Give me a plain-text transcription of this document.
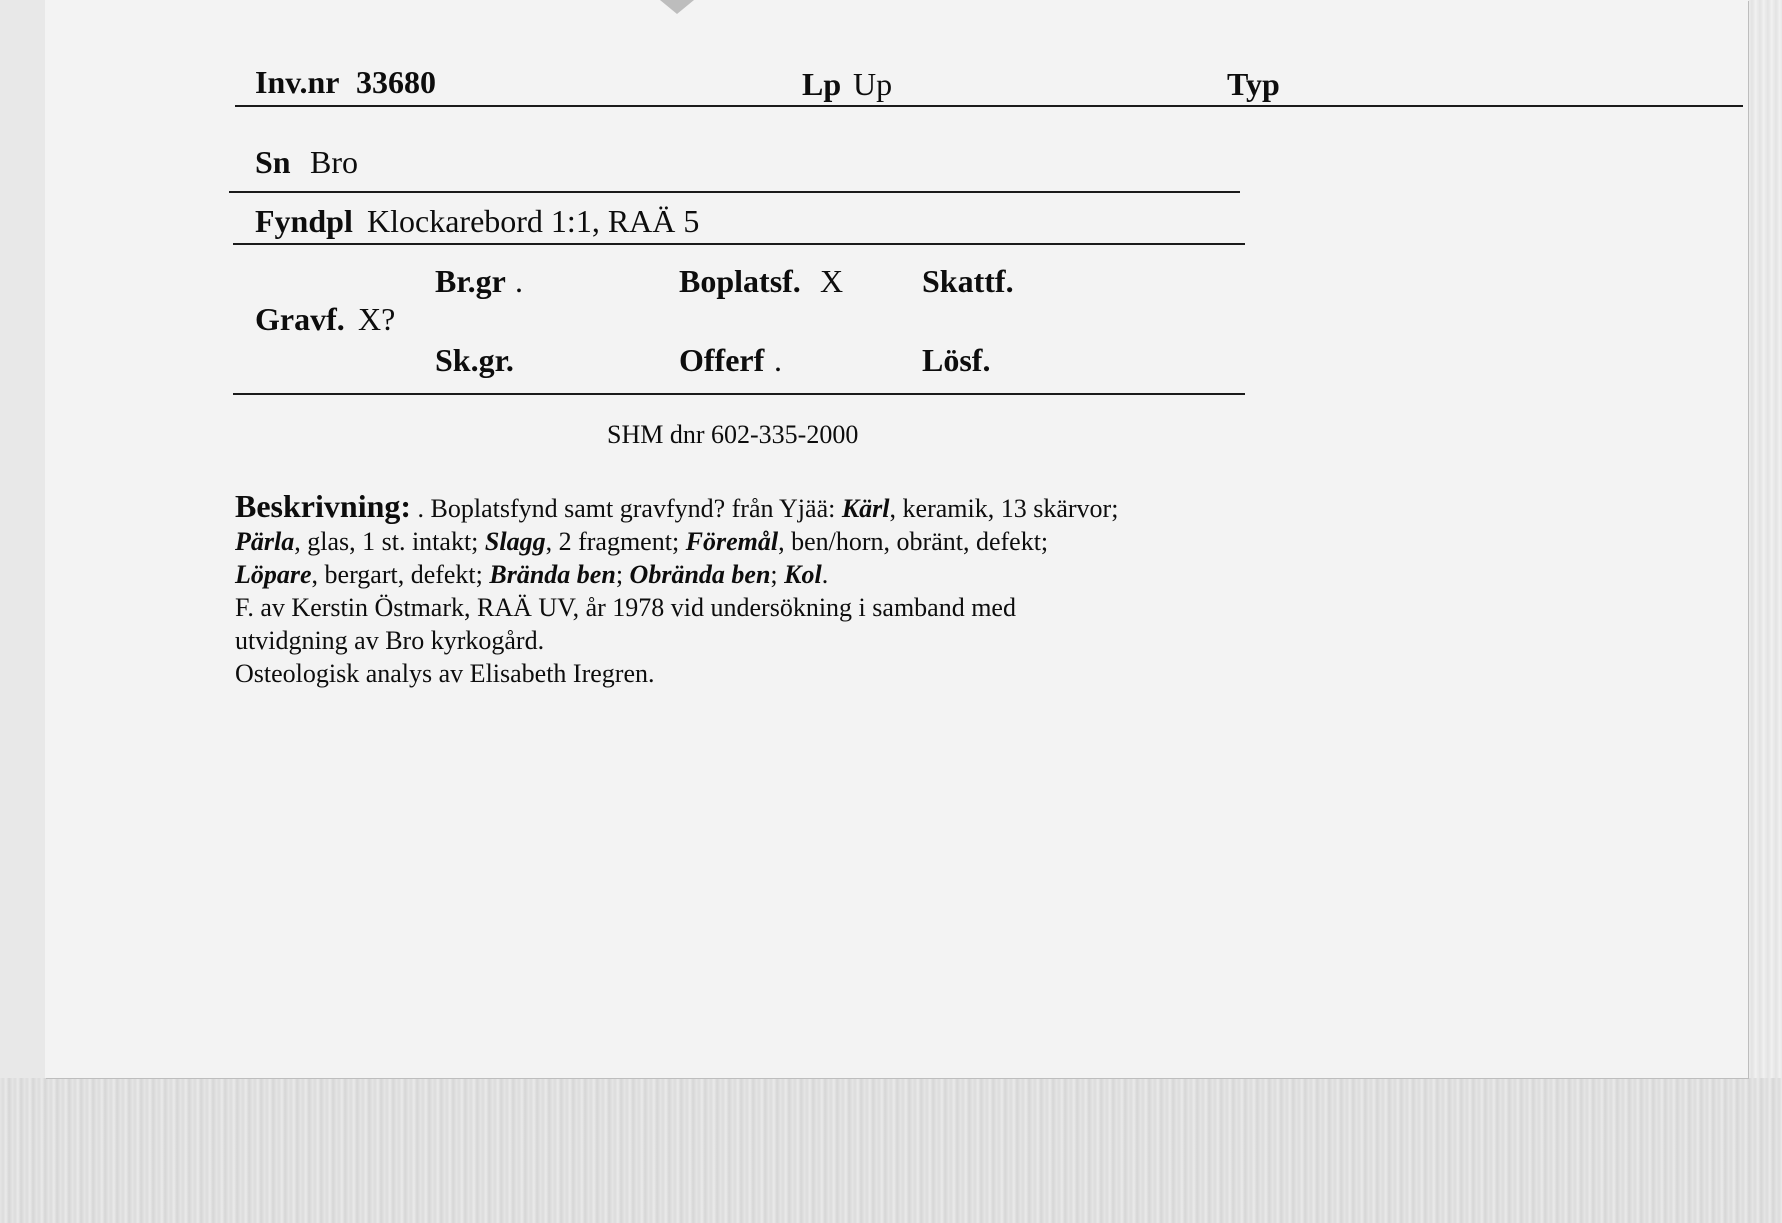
Inv.nr 33680	Lp Up	Typ
Sn Bro
Fyndpl Klockarebord 1:1, RAÄ 5
Br.gr .	Boplatsf. X Skattf.
Gravf. X?
Sk.gr.	Offerf .	Lösf.
SHM dnr 602-335-2000
Beskrivning: . Boplatsfynd samt gravfynd? från Yjää: Kärl, keramik, 13 skärvor;
Pärla, glas, 1 st. intakt; Slagg, 2 fragment; Föremål, ben/horn, obränt, defekt;
Löpare, bergart, defekt; Brända ben; Obrända ben; Kol.
F. av Kerstin Östmark, RAÄ UV, år 1978 vid undersökning i samband med
utvidgning av Bro kyrkogård.
Osteologisk analys av Elisabeth Iregren.
